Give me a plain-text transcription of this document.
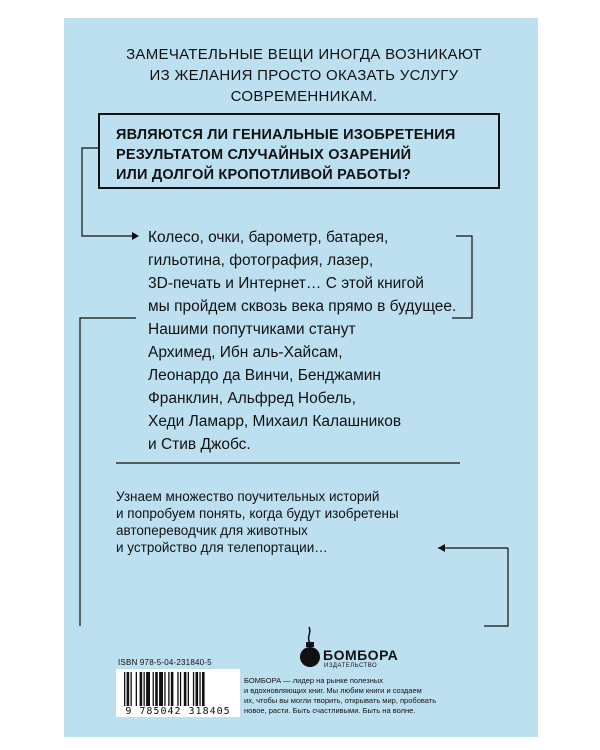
ЗАМЕЧАТЕЛЬНЫЕ ВЕЩИ ИНОГДА ВОЗНИКАЮТ
ИЗ ЖЕЛАНИЯ ПРОСТО ОКАЗАТЬ УСЛУГУ
СОВРЕМЕННИКАМ.
ЯВЛЯЮТСЯ ЛИ ГЕНИАЛЬНЫЕ ИЗОБРЕТЕНИЯ
РЕЗУЛЬТАТОМ СЛУЧАЙНЫХ ОЗАРЕНИЙ
ИЛИ ДОЛГОЙ КРОПОТЛИВОЙ РАБОТЫ?
Колесо, очки, барометр, батарея,
гильотина, фотография, лазер,
3D-печать и Интернет… С этой книгой
мы пройдем сквозь века прямо в будущее.
Нашими попутчиками станут
Архимед, Ибн аль-Хайсам,
Леонардо да Винчи, Бенджамин
Франклин, Альфред Нобель,
Хеди Ламарр, Михаил Калашников
и Стив Джобс.
Узнаем множество поучительных историй
и попробуем понять, когда будут изобретены
автопереводчик для животных
и устройство для телепортации…
ISBN 978-5-04-231840-5
9 785042 318405
БОМБОРА
ИЗДАТЕЛЬСТВО
БОМБОРА — лидер на рынке полезных
и вдохновляющих книг. Мы любим книги и создаем
их, чтобы вы могли творить, открывать мир, пробовать
новое, расти. Быть счастливыми. Быть на волне.
